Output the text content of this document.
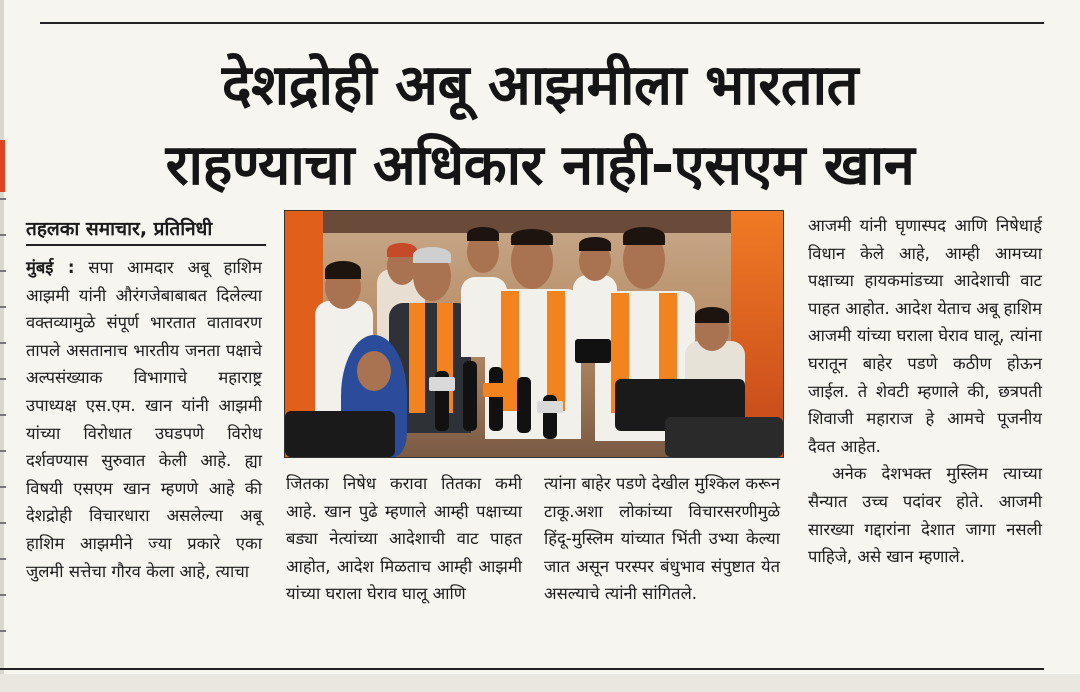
देशद्रोही अबू आझमीला भारतात
राहण्याचा अधिकार नाही-एसएम खान
तहलका समाचार, प्रतिनिधी

मुंबई : सपा आमदार अबू हाशिम आझमी यांनी औरंगजेबाबाबत दिलेल्या वक्तव्यामुळे संपूर्ण भारतात वातावरण तापले असतानाच भारतीय जनता पक्षाचे अल्पसंख्याक विभागाचे महाराष्ट्र उपाध्यक्ष एस.एम. खान यांनी आझमी यांच्या विरोधात उघडपणे विरोध दर्शवण्यास सुरुवात केली आहे. ह्या विषयी एसएम खान म्हणणे आहे की देशद्रोही विचारधारा असलेल्या अबू हाशिम आझमीने ज्या प्रकारे एका जुलमी सत्तेचा गौरव केला आहे, त्याचा

जितका निषेध करावा तितका कमी आहे. खान पुढे म्हणाले आम्ही पक्षाच्या बड्या नेत्यांच्या आदेशाची वाट पाहत आहोत, आदेश मिळताच आम्ही आझमी यांच्या घराला घेराव घालू आणि

त्यांना बाहेर पडणे देखील मुश्किल करून टाकू.अशा लोकांच्या विचारसरणीमुळे हिंदू-मुस्लिम यांच्यात भिंती उभ्या केल्या जात असून परस्पर बंधुभाव संपुष्टात येत असल्याचे त्यांनी सांगितले.

आजमी यांनी घृणास्पद आणि निषेधार्ह विधान केले आहे, आम्ही आमच्या पक्षाच्या हायकमांडच्या आदेशाची वाट पाहत आहोत. आदेश येताच अबू हाशिम आजमी यांच्या घराला घेराव घालू, त्यांना घरातून बाहेर पडणे कठीण होऊन जाईल. ते शेवटी म्हणाले की, छत्रपती शिवाजी महाराज हे आमचे पूजनीय दैवत आहेत.
अनेक देशभक्त मुस्लिम त्याच्या सैन्यात उच्च पदांवर होते. आजमी सारख्या गद्दारांना देशात जागा नसली पाहिजे, असे खान म्हणाले.
